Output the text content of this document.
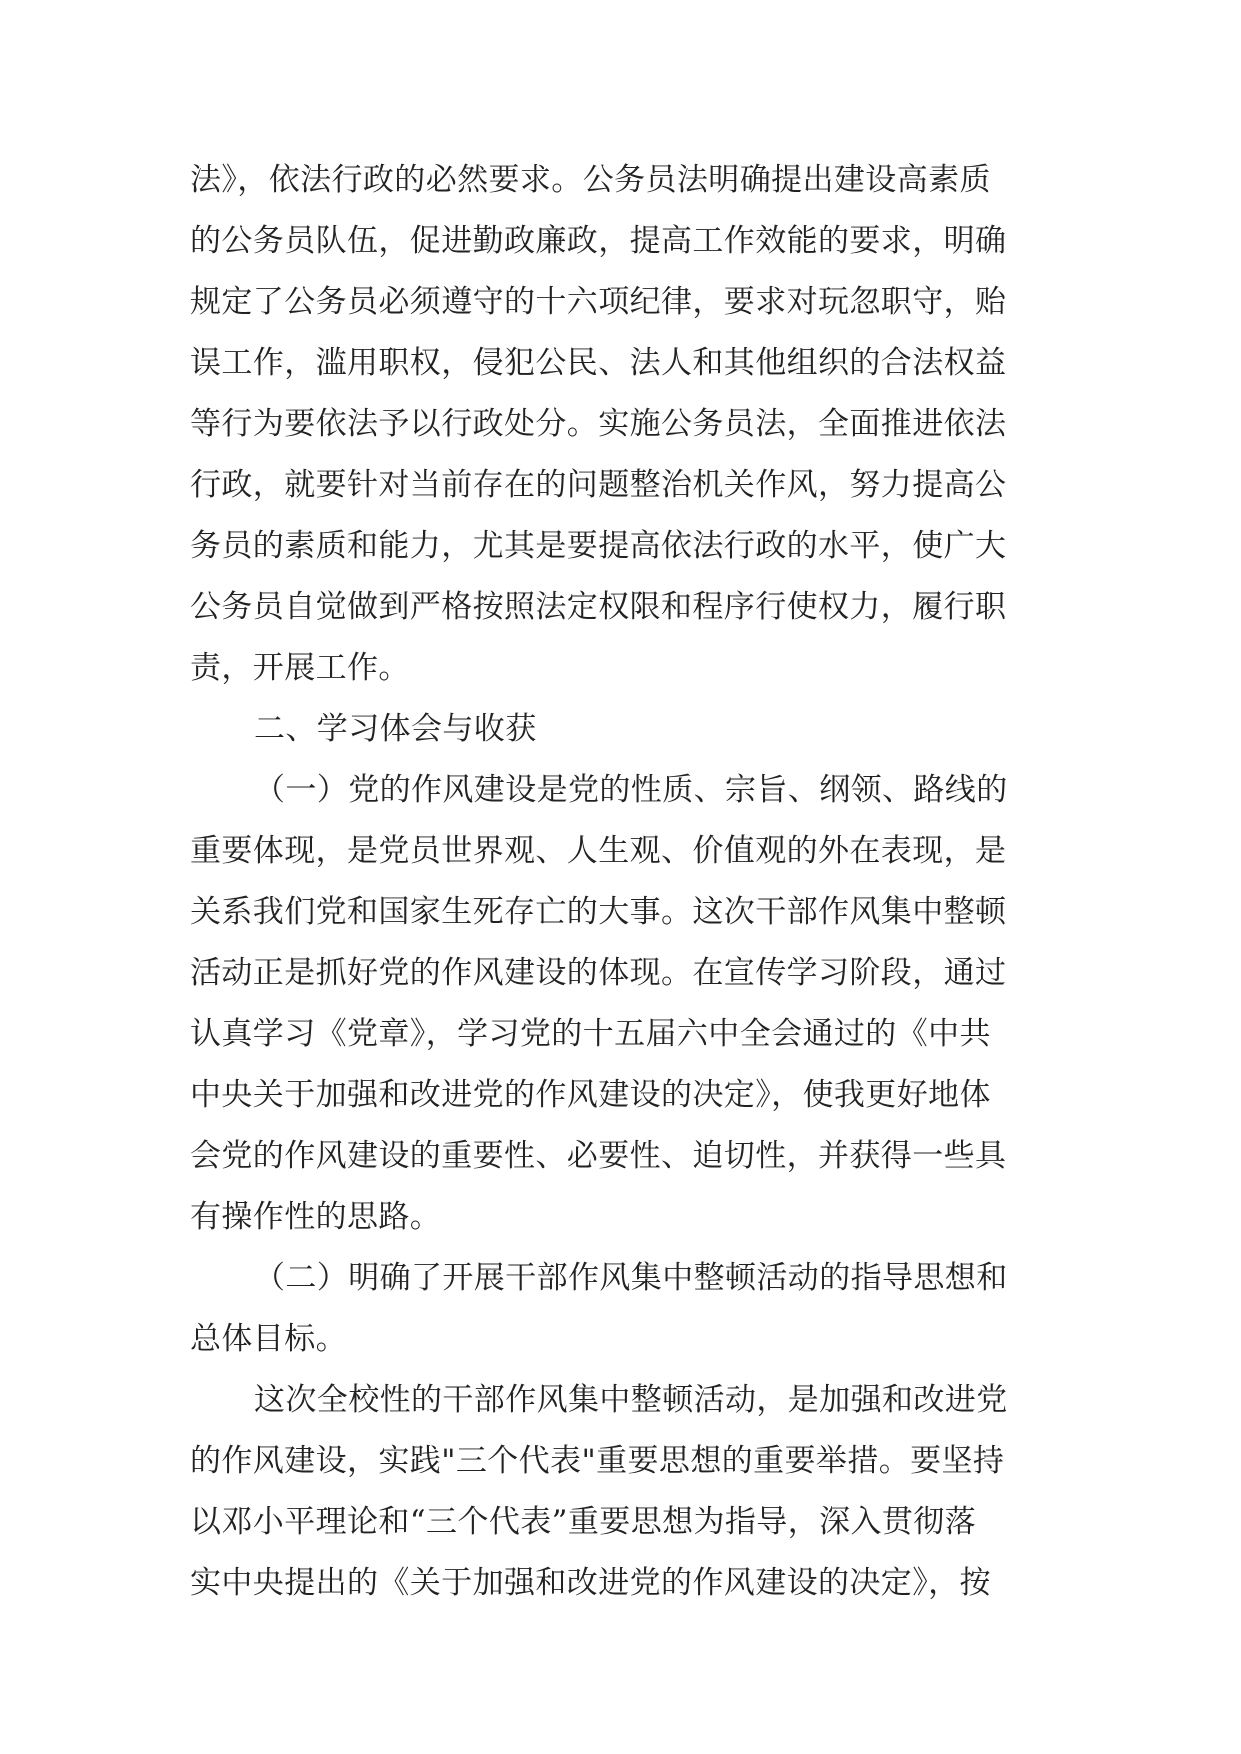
法》，依法行政的必然要求。公务员法明确提出建设高素质
的公务员队伍，促进勤政廉政，提高工作效能的要求，明确
规定了公务员必须遵守的十六项纪律，要求对玩忽职守，贻
误工作，滥用职权，侵犯公民、法人和其他组织的合法权益
等行为要依法予以行政处分。实施公务员法，全面推进依法
行政，就要针对当前存在的问题整治机关作风，努力提高公
务员的素质和能力，尤其是要提高依法行政的水平，使广大
公务员自觉做到严格按照法定权限和程序行使权力，履行职
责，开展工作。
二、学习体会与收获
（一）党的作风建设是党的性质、宗旨、纲领、路线的
重要体现，是党员世界观、人生观、价值观的外在表现，是
关系我们党和国家生死存亡的大事。这次干部作风集中整顿
活动正是抓好党的作风建设的体现。在宣传学习阶段，通过
认真学习《党章》，学习党的十五届六中全会通过的《中共
中央关于加强和改进党的作风建设的决定》，使我更好地体
会党的作风建设的重要性、必要性、迫切性，并获得一些具
有操作性的思路。
（二）明确了开展干部作风集中整顿活动的指导思想和
总体目标。
这次全校性的干部作风集中整顿活动，是加强和改进党
的作风建设，实践"三个代表"重要思想的重要举措。要坚持
以邓小平理论和“三个代表”重要思想为指导，深入贯彻落
实中央提出的《关于加强和改进党的作风建设的决定》，按
